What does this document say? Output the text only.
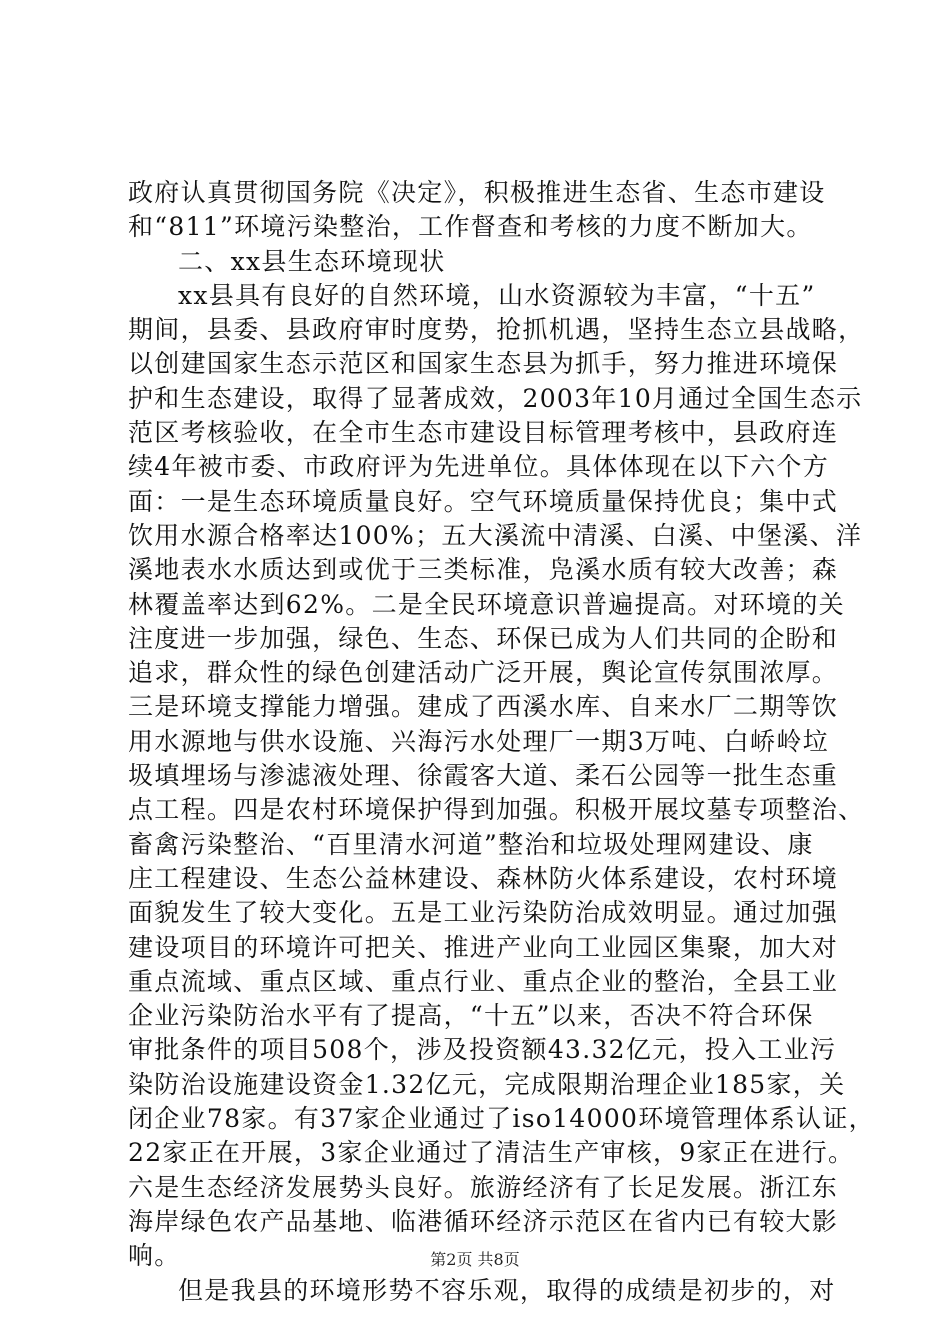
政府认真贯彻国务院《决定》，积极推进生态省、生态市建设
和“811”环境污染整治，工作督查和考核的力度不断加大。
二、xx县生态环境现状
xx县具有良好的自然环境，山水资源较为丰富，“十五”
期间，县委、县政府审时度势，抢抓机遇，坚持生态立县战略，
以创建国家生态示范区和国家生态县为抓手，努力推进环境保
护和生态建设，取得了显著成效，2003年10月通过全国生态示
范区考核验收，在全市生态市建设目标管理考核中，县政府连
续4年被市委、市政府评为先进单位。具体体现在以下六个方
面：一是生态环境质量良好。空气环境质量保持优良；集中式
饮用水源合格率达100%；五大溪流中清溪、白溪、中堡溪、洋
溪地表水水质达到或优于三类标准，凫溪水质有较大改善；森
林覆盖率达到62%。二是全民环境意识普遍提高。对环境的关
注度进一步加强，绿色、生态、环保已成为人们共同的企盼和
追求，群众性的绿色创建活动广泛开展，舆论宣传氛围浓厚。
三是环境支撑能力增强。建成了西溪水库、自来水厂二期等饮
用水源地与供水设施、兴海污水处理厂一期3万吨、白峤岭垃
圾填埋场与渗滤液处理、徐霞客大道、柔石公园等一批生态重
点工程。四是农村环境保护得到加强。积极开展坟墓专项整治、
畜禽污染整治、“百里清水河道”整治和垃圾处理网建设、康
庄工程建设、生态公益林建设、森林防火体系建设，农村环境
面貌发生了较大变化。五是工业污染防治成效明显。通过加强
建设项目的环境许可把关、推进产业向工业园区集聚，加大对
重点流域、重点区域、重点行业、重点企业的整治，全县工业
企业污染防治水平有了提高，“十五”以来，否决不符合环保
审批条件的项目508个，涉及投资额43.32亿元，投入工业污
染防治设施建设资金1.32亿元，完成限期治理企业185家，关
闭企业78家。有37家企业通过了iso14000环境管理体系认证，
22家正在开展，3家企业通过了清洁生产审核，9家正在进行。
六是生态经济发展势头良好。旅游经济有了长足发展。浙江东
海岸绿色农产品基地、临港循环经济示范区在省内已有较大影
响。
但是我县的环境形势不容乐观，取得的成绩是初步的，对
第2页 共8页
